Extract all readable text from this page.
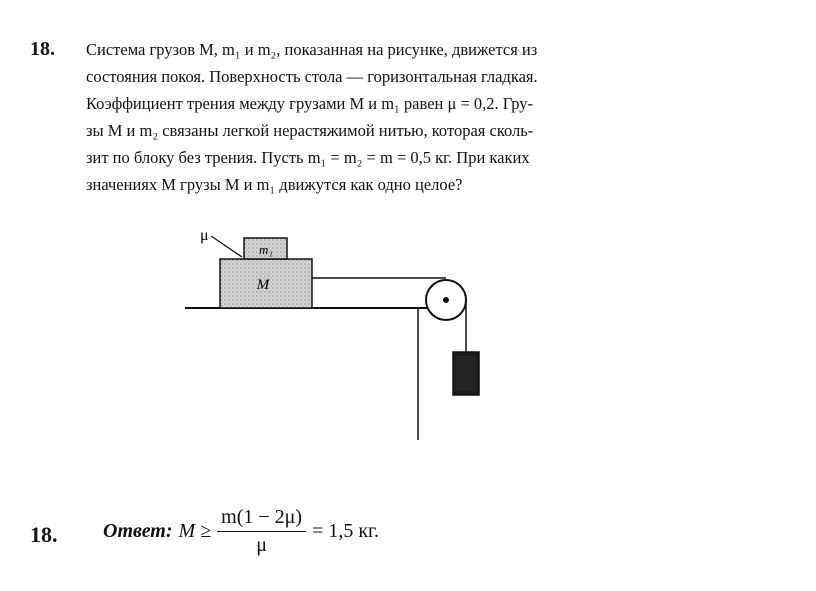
18. Система грузов M, m₁ и m₂, показанная на рисунке, движется из
состояния покоя. Поверхность стола — горизонтальная гладкая.
Коэффициент трения между грузами M и m₁ равен μ = 0,2. Гру-
зы M и m₂ связаны легкой нерастяжимой нитью, которая сколь-
зит по блоку без трения. Пусть m₁ = m₂ = m = 0,5 кг. При каких
значениях M грузы M и m₁ движутся как одно целое?

M
m₁
μ
18. Ответ: $M \ge \frac{m(1 - 2\mu)}{\mu} = 1,5$ кг.
